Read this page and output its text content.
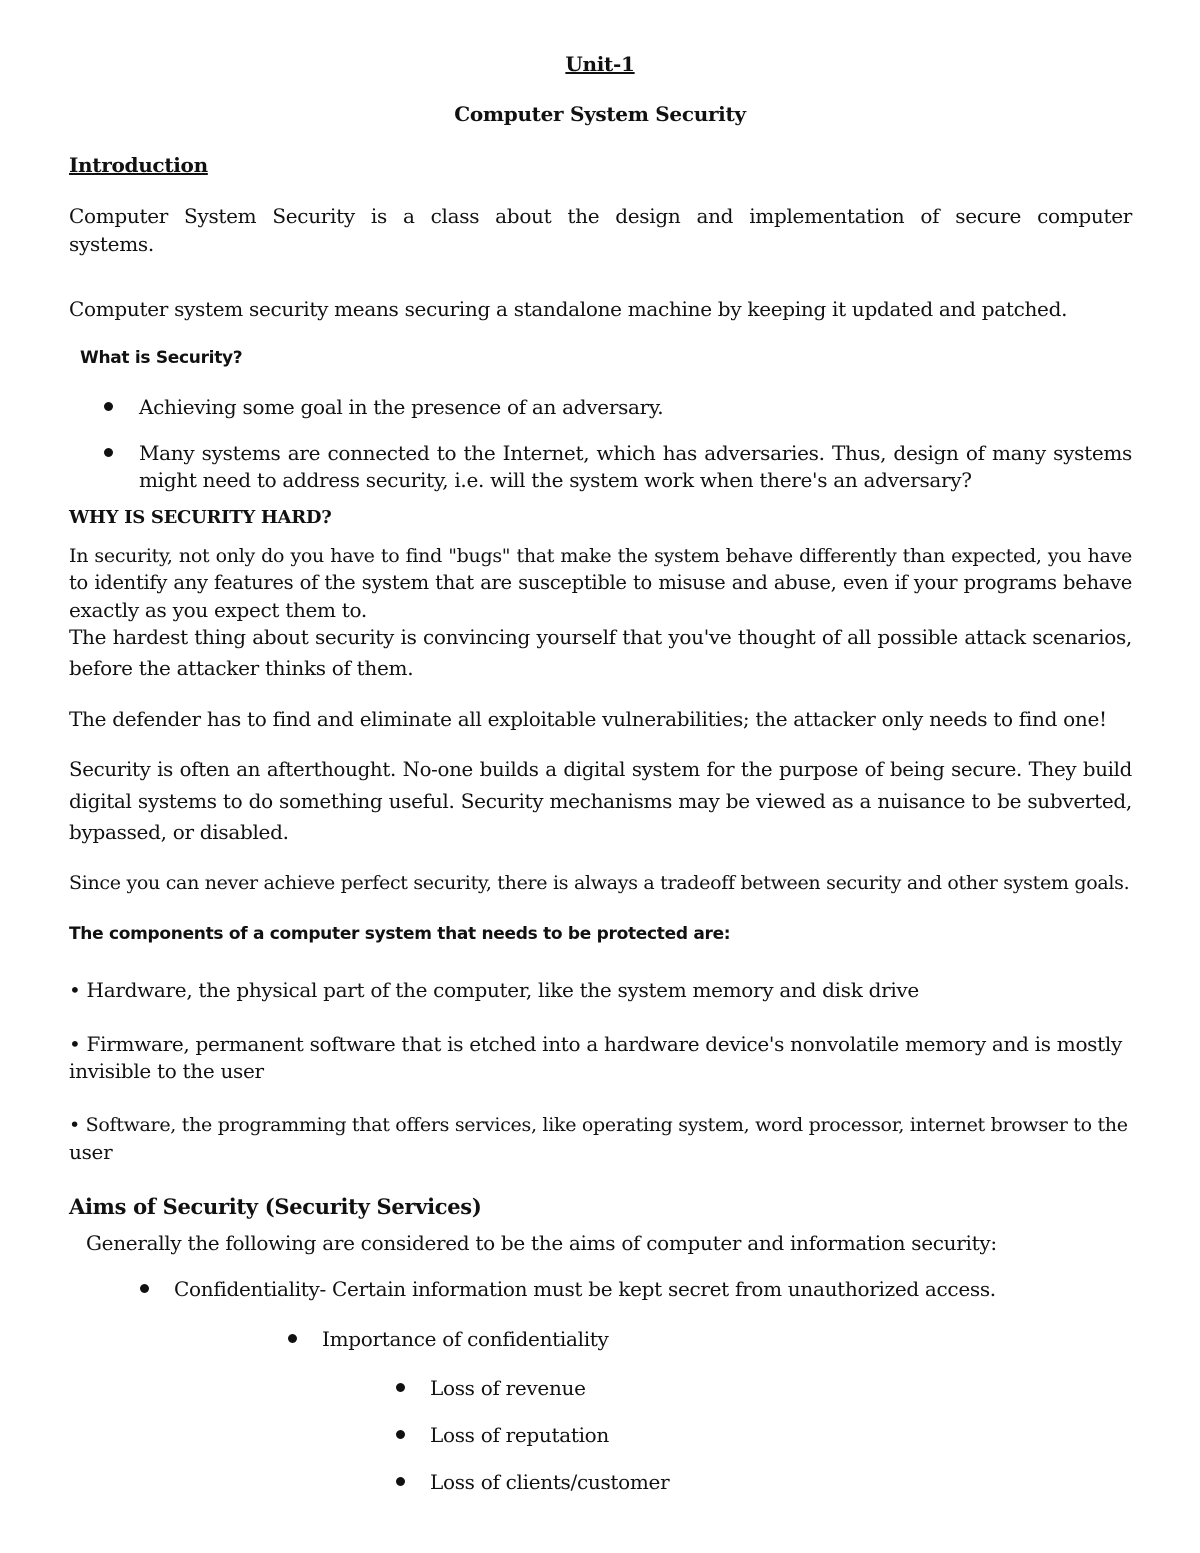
Unit-1
Computer System Security
Introduction
Computer System Security is a class about the design and implementation of secure computer
systems.
Computer system security means securing a standalone machine by keeping it updated and patched.
What is Security?
Achieving some goal in the presence of an adversary.
Many systems are connected to the Internet, which has adversaries. Thus, design of many systems
might need to address security, i.e. will the system work when there's an adversary?
WHY IS SECURITY HARD?
In security, not only do you have to find "bugs" that make the system behave differently than expected, you have
to identify any features of the system that are susceptible to misuse and abuse, even if your programs behave
exactly as you expect them to.
The hardest thing about security is convincing yourself that you've thought of all possible attack scenarios,
before the attacker thinks of them.
The defender has to find and eliminate all exploitable vulnerabilities; the attacker only needs to find one!
Security is often an afterthought. No-one builds a digital system for the purpose of being secure. They build
digital systems to do something useful. Security mechanisms may be viewed as a nuisance to be subverted,
bypassed, or disabled.
Since you can never achieve perfect security, there is always a tradeoff between security and other system goals.
The components of a computer system that needs to be protected are:
• Hardware, the physical part of the computer, like the system memory and disk drive
• Firmware, permanent software that is etched into a hardware device's nonvolatile memory and is mostly
invisible to the user
• Software, the programming that offers services, like operating system, word processor, internet browser to the
user
Aims of Security (Security Services)
Generally the following are considered to be the aims of computer and information security:
Confidentiality- Certain information must be kept secret from unauthorized access.
Importance of confidentiality
Loss of revenue
Loss of reputation
Loss of clients/customer
